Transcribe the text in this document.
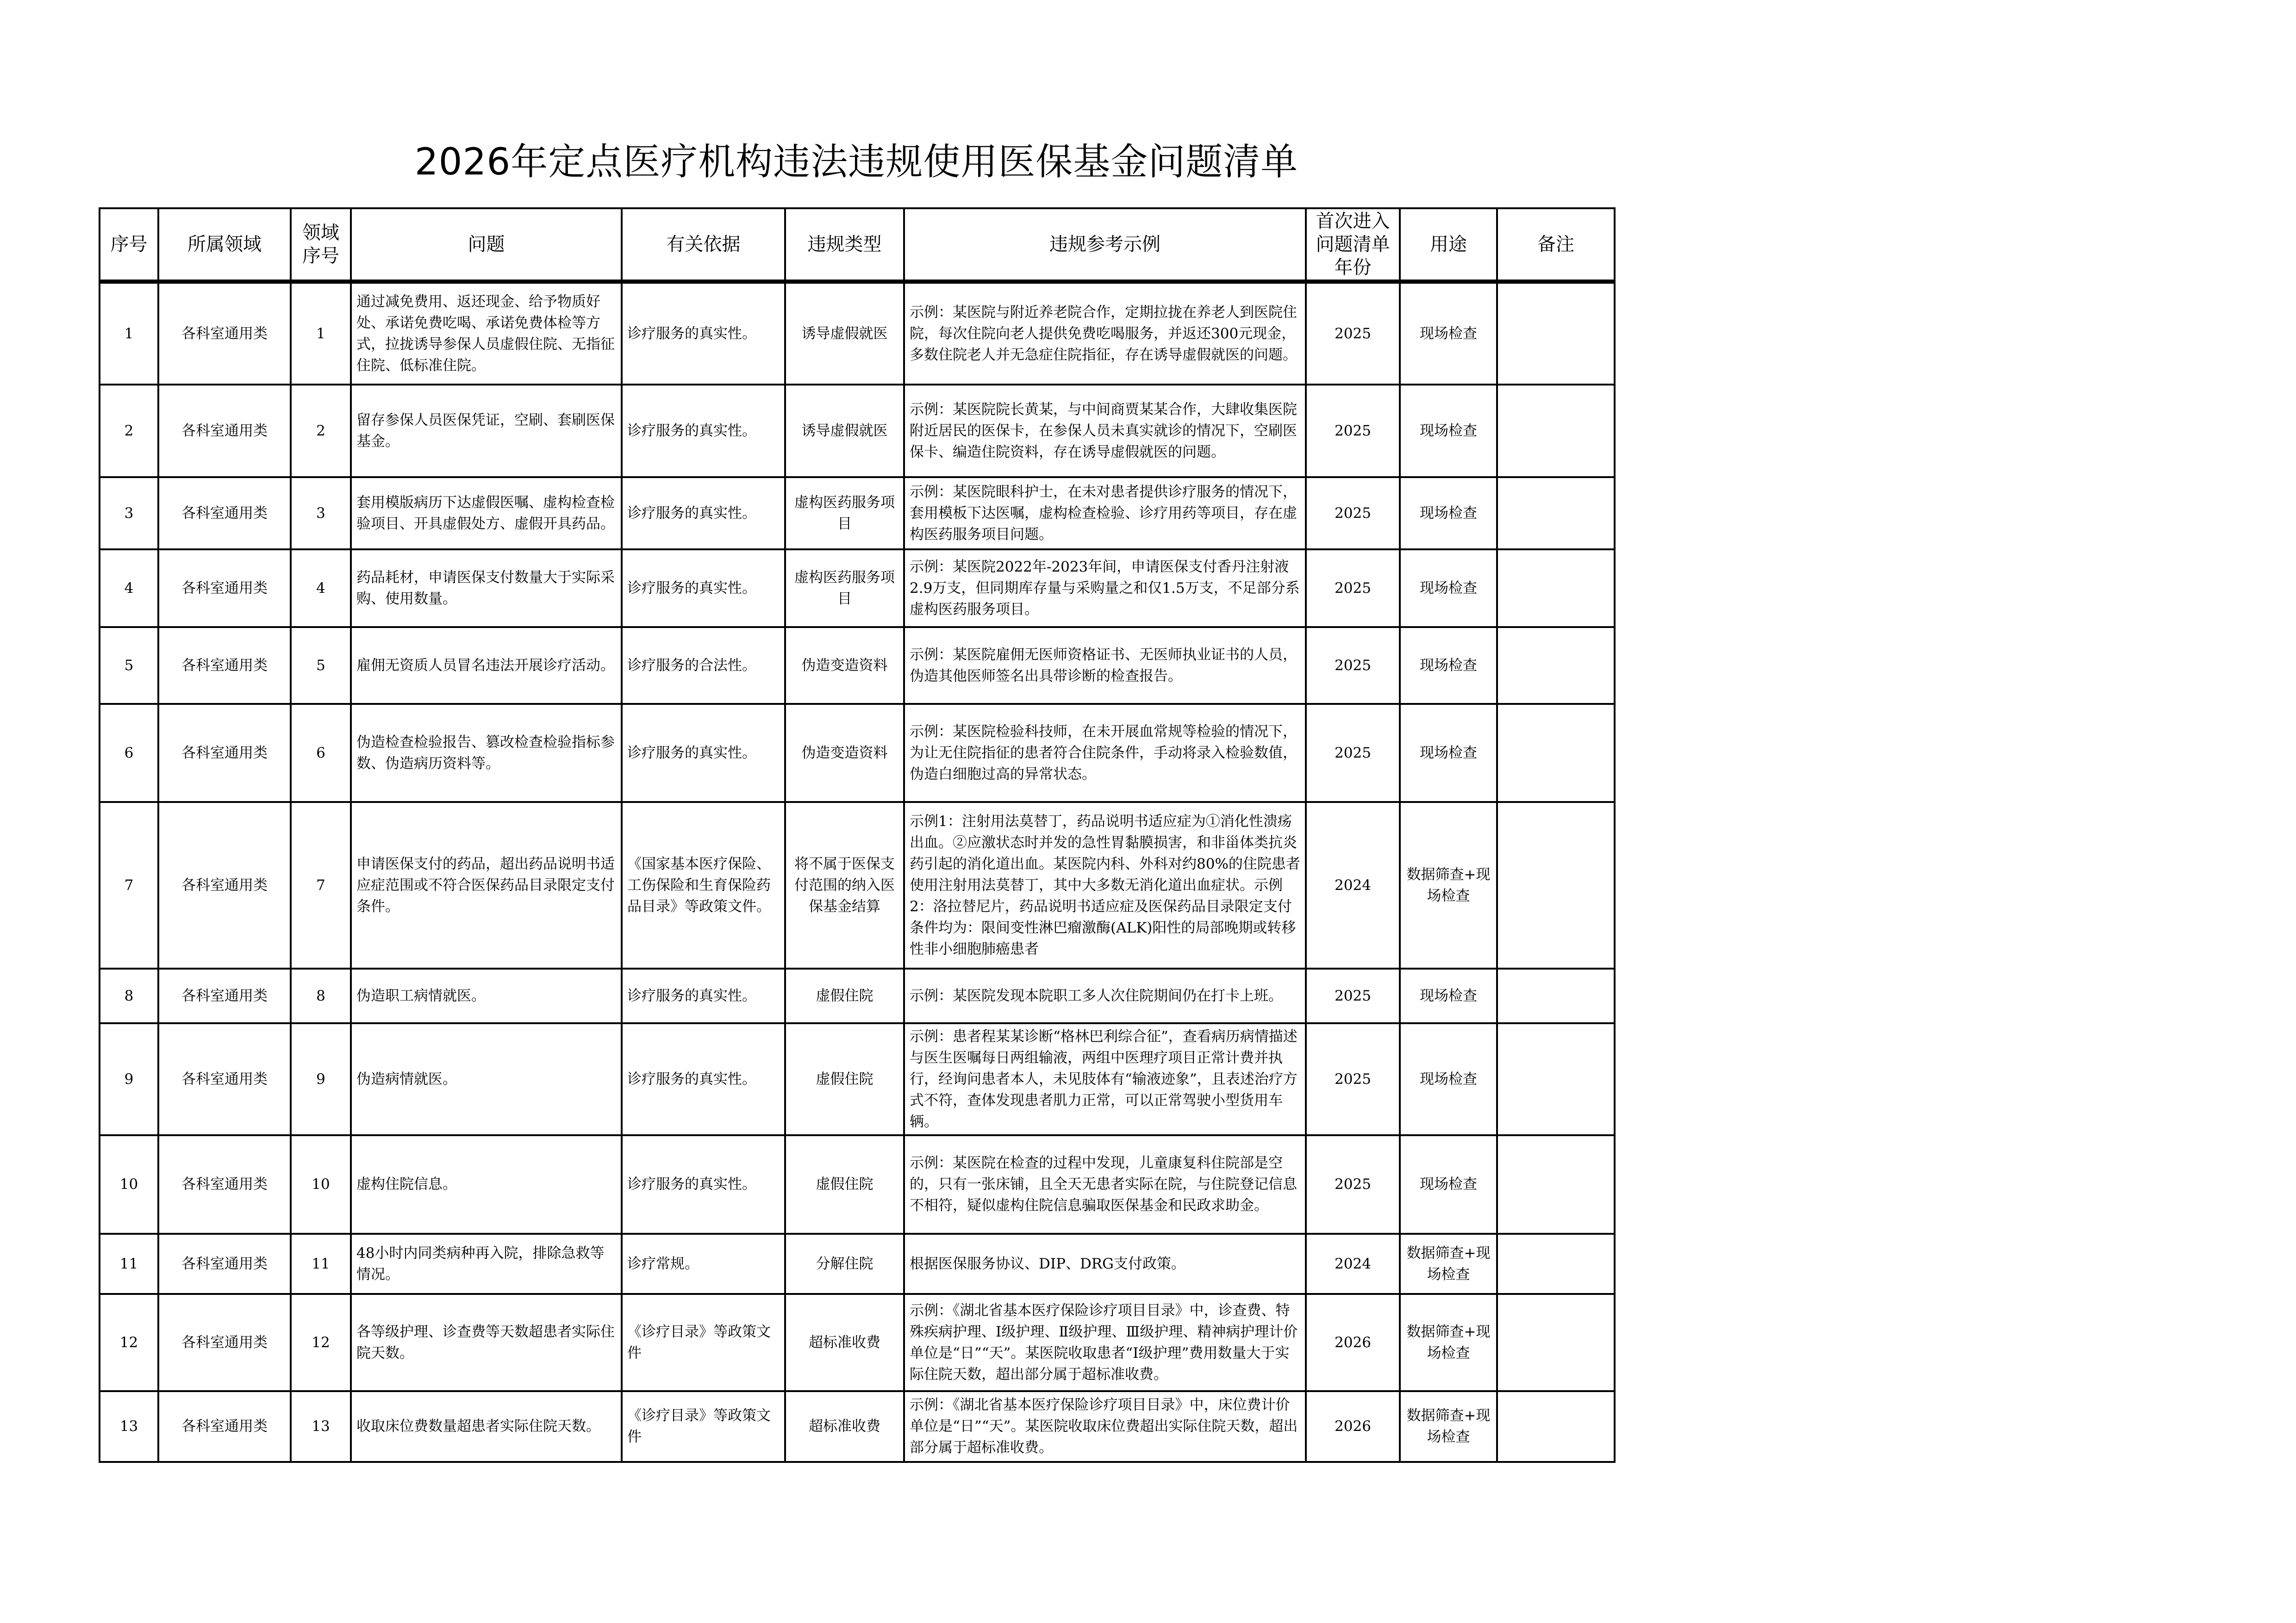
2026年定点医疗机构违法违规使用医保基金问题清单
序号	所属领域	领域序号	问题	有关依据	违规类型	违规参考示例	首次进入问题清单年份	用途	备注

1	各科室通用类	1	通过减免费用、返还现金、给予物质好处、承诺免费吃喝、承诺免费体检等方式，拉拢诱导参保人员虚假住院、无指征住院、低标准住院。	诊疗服务的真实性。	诱导虚假就医	示例：某医院与附近养老院合作，定期拉拢在养老人到医院住院，每次住院向老人提供免费吃喝服务，并返还300元现金，多数住院老人并无急症住院指征，存在诱导虚假就医的问题。	2025	现场检查	

2	各科室通用类	2	留存参保人员医保凭证，空刷、套刷医保基金。	诊疗服务的真实性。	诱导虚假就医	示例：某医院院长黄某，与中间商贾某某合作，大肆收集医院附近居民的医保卡，在参保人员未真实就诊的情况下，空刷医保卡、编造住院资料，存在诱导虚假就医的问题。	2025	现场检查	

3	各科室通用类	3	套用模版病历下达虚假医嘱、虚构检查检验项目、开具虚假处方、虚假开具药品。	诊疗服务的真实性。	虚构医药服务项目	示例：某医院眼科护士，在未对患者提供诊疗服务的情况下，套用模板下达医嘱，虚构检查检验、诊疗用药等项目，存在虚构医药服务项目问题。	2025	现场检查	

4	各科室通用类	4	药品耗材，申请医保支付数量大于实际采购、使用数量。	诊疗服务的真实性。	虚构医药服务项目	示例：某医院2022年-2023年间，申请医保支付香丹注射液2.9万支，但同期库存量与采购量之和仅1.5万支，不足部分系虚构医药服务项目。	2025	现场检查	

5	各科室通用类	5	雇佣无资质人员冒名违法开展诊疗活动。	诊疗服务的合法性。	伪造变造资料	示例：某医院雇佣无医师资格证书、无医师执业证书的人员，伪造其他医师签名出具带诊断的检查报告。	2025	现场检查	

6	各科室通用类	6	伪造检查检验报告、篡改检查检验指标参数、伪造病历资料等。	诊疗服务的真实性。	伪造变造资料	示例：某医院检验科技师，在未开展血常规等检验的情况下，为让无住院指征的患者符合住院条件，手动将录入检验数值，伪造白细胞过高的异常状态。	2025	现场检查	

7	各科室通用类	7	申请医保支付的药品，超出药品说明书适应症范围或不符合医保药品目录限定支付条件。	《国家基本医疗保险、工伤保险和生育保险药品目录》等政策文件。	将不属于医保支付范围的纳入医保基金结算	示例1：注射用法莫替丁，药品说明书适应症为①消化性溃疡出血。②应激状态时并发的急性胃黏膜损害，和非甾体类抗炎药引起的消化道出血。某医院内科、外科对约80%的住院患者使用注射用法莫替丁，其中大多数无消化道出血症状。示例2：洛拉替尼片，药品说明书适应症及医保药品目录限定支付条件均为：限间变性淋巴瘤激酶(ALK)阳性的局部晚期或转移性非小细胞肺癌患者	2024	数据筛查+现场检查	

8	各科室通用类	8	伪造职工病情就医。	诊疗服务的真实性。	虚假住院	示例：某医院发现本院职工多人次住院期间仍在打卡上班。	2025	现场检查	

9	各科室通用类	9	伪造病情就医。	诊疗服务的真实性。	虚假住院	示例：患者程某某诊断“格林巴利综合征”，查看病历病情描述与医生医嘱每日两组输液，两组中医理疗项目正常计费并执行，经询问患者本人，未见肢体有“输液迹象”，且表述治疗方式不符，查体发现患者肌力正常，可以正常驾驶小型货用车辆。	2025	现场检查	

10	各科室通用类	10	虚构住院信息。	诊疗服务的真实性。	虚假住院	示例：某医院在检查的过程中发现，儿童康复科住院部是空的，只有一张床铺，且全天无患者实际在院，与住院登记信息不相符，疑似虚构住院信息骗取医保基金和民政求助金。	2025	现场检查	

11	各科室通用类	11	48小时内同类病种再入院，排除急救等情况。	诊疗常规。	分解住院	根据医保服务协议、DIP、DRG支付政策。	2024	数据筛查+现场检查	

12	各科室通用类	12	各等级护理、诊查费等天数超患者实际住院天数。	《诊疗目录》等政策文件	超标准收费	示例：《湖北省基本医疗保险诊疗项目目录》中，诊查费、特殊疾病护理、Ⅰ级护理、Ⅱ级护理、Ⅲ级护理、精神病护理计价单位是“日”“天”。某医院收取患者“Ⅰ级护理”费用数量大于实际住院天数，超出部分属于超标准收费。	2026	数据筛查+现场检查	

13	各科室通用类	13	收取床位费数量超患者实际住院天数。	《诊疗目录》等政策文件	超标准收费	示例：《湖北省基本医疗保险诊疗项目目录》中，床位费计价单位是“日”“天”。某医院收取床位费超出实际住院天数，超出部分属于超标准收费。	2026	数据筛查+现场检查	
